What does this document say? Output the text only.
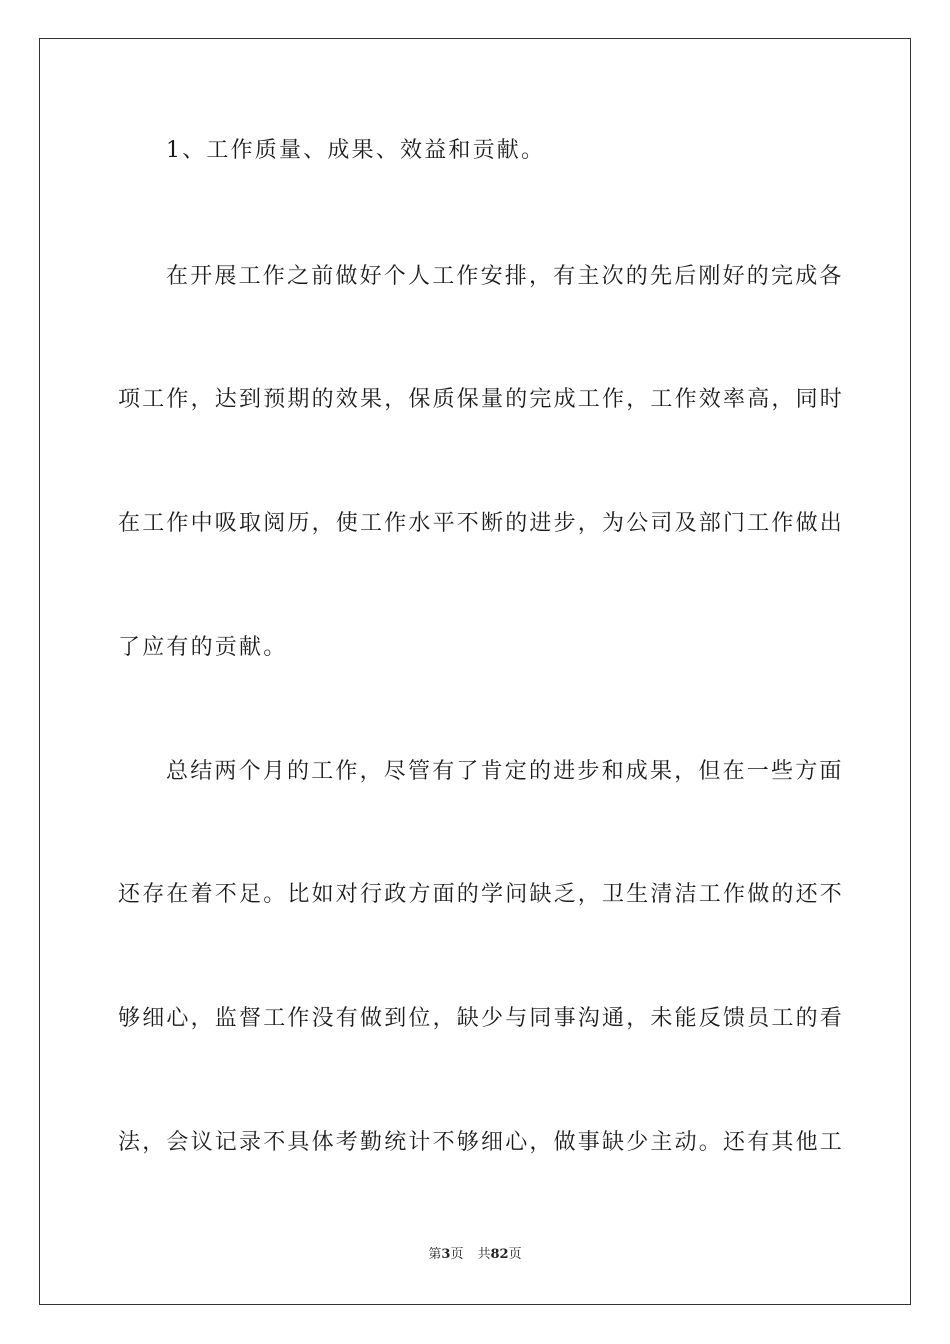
1、工作质量、成果、效益和贡献。
在开展工作之前做好个人工作安排，有主次的先后刚好的完成各
项工作，达到预期的效果，保质保量的完成工作，工作效率高，同时
在工作中吸取阅历，使工作水平不断的进步，为公司及部门工作做出
了应有的贡献。
总结两个月的工作，尽管有了肯定的进步和成果，但在一些方面
还存在着不足。比如对行政方面的学问缺乏，卫生清洁工作做的还不
够细心，监督工作没有做到位，缺少与同事沟通，未能反馈员工的看
法，会议记录不具体考勤统计不够细心，做事缺少主动。还有其他工
第3页 共82页
